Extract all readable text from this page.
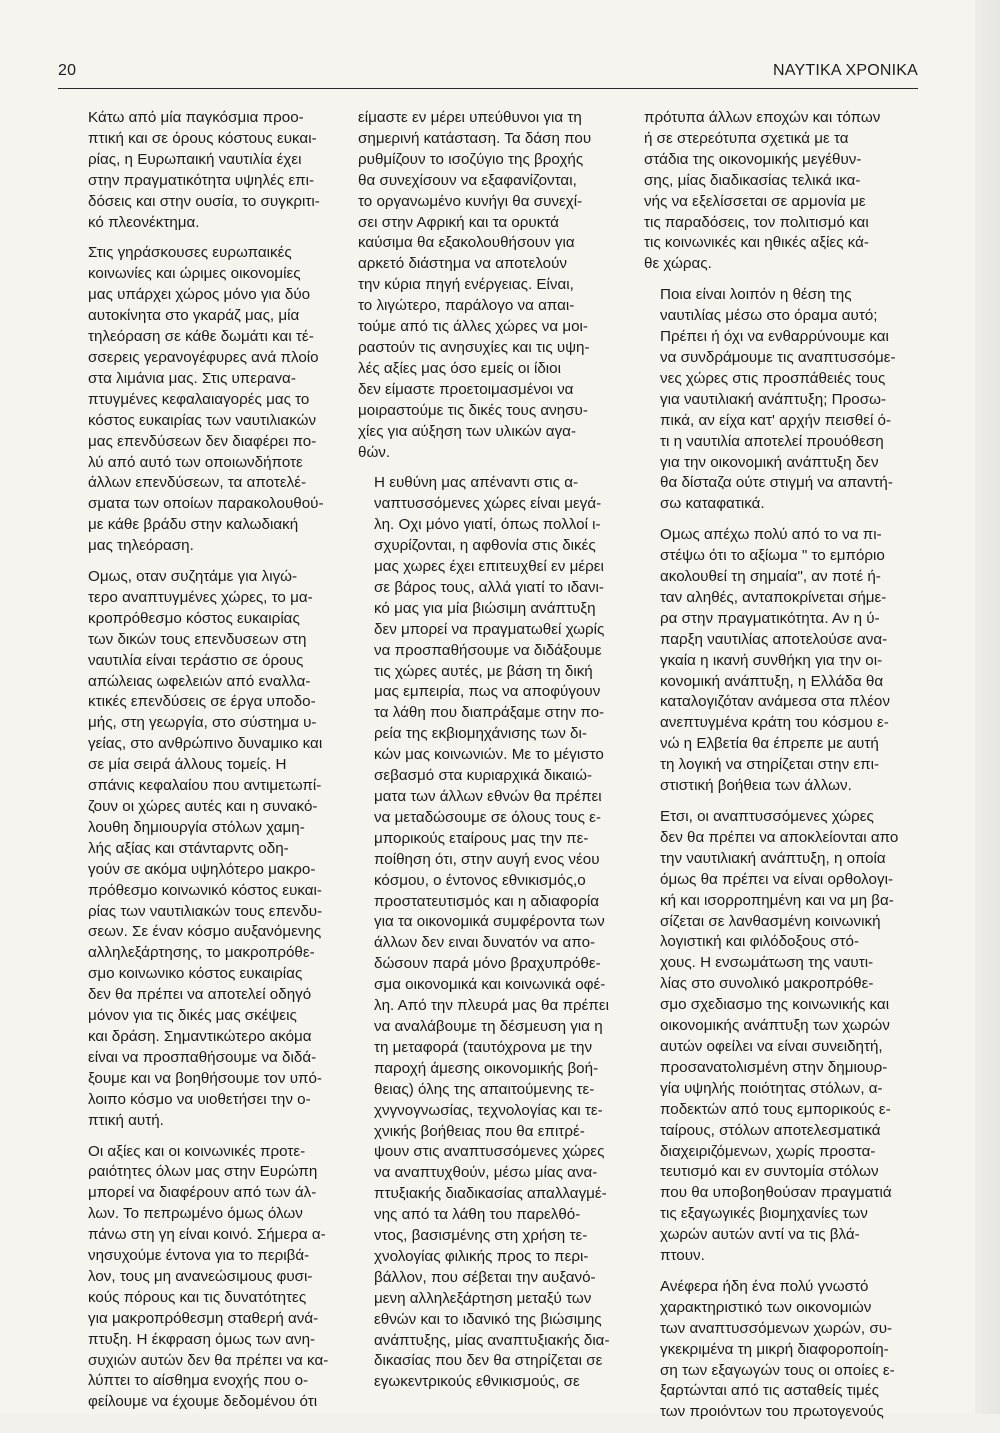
20	ΝΑΥΤΙΚΑ ΧΡΟΝΙΚΑ

Κάτω από μία παγκόσμια προο-
πτική και σε όρους κόστους ευκαι-
ρίας, η Ευρωπαική ναυτιλία έχει
στην πραγματικότητα υψηλές επι-
δόσεις και στην ουσία, το συγκριτι-
κό πλεονέκτημα.

Στις γηράσκουσες ευρωπαικές
κοινωνίες και ώριμες οικονομίες
μας υπάρχει χώρος μόνο για δύο
αυτοκίνητα στο γκαράζ μας, μία
τηλεόραση σε κάθε δωμάτι και τέ-
σσερεις γερανογέφυρες ανά πλοίο
στα λιμάνια μας. Στις υπεραvα-
πτυγμένες κεφαλαιαγορές μας το
κόστος ευκαιρίας των ναυτιλιακών
μας επενδύσεων δεν διαφέρει πο-
λύ από αυτό των οποιωνδήποτε
άλλων επενδύσεων, τα αποτελέ-
σματα των οποίων παρακολουθού-
με κάθε βράδυ στην καλωδιακή
μας τηλεόραση.

Ομως, οταν συζητάμε για λιγώ-
τερο αναπτυγμένες χώρες, το μα-
κροπρόθεσμο κόστος ευκαιρίας
των δικών τους επενδυσεων στη
ναυτιλία είναι τεράστιο σε όρους
απώλειας ωφελειών από εναλλα-
κτικές επενδύσεις σε έργα υποδο-
μής, στη γεωργία, στο σύστημα υ-
γείας, στο ανθρώπινο δυναμικο και
σε μία σειρά άλλους τομείς. Η
σπάνις κεφαλαίου που αντιμετωπί-
ζουν οι χώρες αυτές και η συνακό-
λουθη δημιουργία στόλων χαμη-
λής αξίας και στάνταρντς οδη-
γούν σε ακόμα υψηλότερο μακρο-
πρόθεσμο κοινωνικό κόστος ευκαι-
ρίας των ναυτιλιακών τους επενδυ-
σεων. Σε έναν κόσμο αυξανόμενης
αλληλεξάρτησης, το μακροπρόθε-
σμο κοινωνικο κόστος ευκαιρίας
δεν θα πρέπει να αποτελεί οδηγό
μόνον για τις δικές μας σκέψεις
και δράση. Σημαντικώτερο ακόμα
είναι να προσπαθήσουμε να διδά-
ξουμε και να βοηθήσουμε τον υπό-
λοιπο κόσμο να υιοθετήσει την ο-
πτική αυτή.

Οι αξίες και οι κοινωνικές προτε-
ραιότητες όλων μας στην Ευρώπη
μπορεί να διαφέρουν από των άλ-
λων. Το πεπρωμένο όμως όλων
πάνω στη γη είναι κοινό. Σήμερα α-
νησυχούμε έντονα για το περιβά-
λον, τους μη ανανεώσιμους φυσι-
κούς πόρους και τις δυνατότητες
για μακροπρόθεσμη σταθερή ανά-
πτυξη. Η έκφραση όμως των ανη-
συχιών αυτών δεν θα πρέπει να κα-
λύπτει το αίσθημα ενοχής που ο-
φείλουμε να έχουμε δεδομένου ότι

είμαστε εν μέρει υπεύθυνοι για τη
σημερινή κατάσταση. Τα δάση που
ρυθμίζουν το ισοζύγιο της βροχής
θα συνεχίσουν να εξαφανίζονται,
το οργανωμένο κυνήγι θα συνεχί-
σει στην Αφρική και τα ορυκτά
καύσιμα θα εξακολουθήσουν για
αρκετό διάστημα να αποτελούν
την κύρια πηγή ενέργειας. Είναι,
το λιγώτερο, παράλογο να απαι-
τούμε από τις άλλες χώρες να μοι-
ραστούν τις ανησυχίες και τις υψη-
λές αξίες μας όσο εμείς οι ίδιοι
δεν είμαστε προετοιμασμένοι να
μοιραστούμε τις δικές τους ανησυ-
χίες για αύξηση των υλικών αγα-
θών.

Η ευθύνη μας απέναντι στις α-
ναπτυσσόμενες χώρες είναι μεγά-
λη. Οχι μόνο γιατί, όπως πολλοί ι-
σχυρίζονται, η αφθονία στις δικές
μας χωρες έχει επιτευχθεί εν μέρει
σε βάρος τους, αλλά γιατί το ιδανι-
κό μας για μία βιώσιμη ανάπτυξη
δεν μπορεί να πραγματωθεί χωρίς
να προσπαθήσουμε να διδάξουμε
τις χώρες αυτές, με βάση τη δική
μας εμπειρία, πως να αποφύγουν
τα λάθη που διαπράξαμε στην πο-
ρεία της εκβιομηχάνισης των δι-
κών μας κοινωνιών. Με το μέγιστο
σεβασμό στα κυριαρχικά δικαιώ-
ματα των άλλων εθνών θα πρέπει
να μεταδώσουμε σε όλους τους ε-
μπορικούς εταίρους μας την πε-
ποίθηση ότι, στην αυγή ενος νέου
κόσμου, ο έντονος εθνικισμός,ο
προστατευτισμός και η αδιαφορία
για τα οικονομικά συμφέροντα των
άλλων δεν ειναι δυνατόν να απο-
δώσουν παρά μόνο βραχυπρόθε-
σμα οικονομικά και κοινωνικά οφέ-
λη. Από την πλευρά μας θα πρέπει
να αναλάβουμε τη δέσμευση για η
τη μεταφορά (ταυτόχρονα με την
παροχή άμεσης οικονομικής βοή-
θειας) όλης της απαιτούμενης τε-
χνγνογνωσίας, τεχνολογίας και τε-
χνικής βοήθειας που θα επιτρέ-
ψουν στις αναπτυσσόμενες χώρες
να αναπτυχθούν, μέσω μίας ανα-
πτυξιακής διαδικασίας απαλλαγμέ-
νης από τα λάθη του παρελθό-
ντος, βασισμένης στη χρήση τε-
χνολογίας φιλικής προς το περι-
βάλλον, που σέβεται την αυξανό-
μενη αλληλεξάρτηση μεταξύ των
εθνών και το ιδανικό της βιώσιμης
ανάπτυξης, μίας αναπτυξιακής δια-
δικασίας που δεν θα στηρίζεται σε
εγωκεντρικούς εθνικισμούς, σε

πρότυπα άλλων εποχών και τόπων
ή σε στερεότυπα σχετικά με τα
στάδια της οικονομικής μεγέθυν-
σης, μίας διαδικασίας τελικά ικα-
νής να εξελίσσεται σε αρμονία με
τις παραδόσεις, τον πολιτισμό και
τις κοινωνικές και ηθικές αξίες κά-
θε χώρας.

Ποια είναι λοιπόν η θέση της
ναυτιλίας μέσω στο όραμα αυτό;
Πρέπει ή όχι να ενθαρρύνουμε και
να συνδράμουμε τις αναπτυσσόμε-
νες χώρες στις προσπάθειές τους
για ναυτιλιακή ανάπτυξη; Προσω-
πικά, αν είχα κατ' αρχήν πεισθεί ό-
τι η ναυτιλία αποτελεί προυόθεση
για την οικονομική ανάπτυξη δεν
θα δίσταζα ούτε στιγμή να απαντή-
σω καταφατικά.

Ομως απέχω πολύ από το να πι-
στέψω ότι το αξίωμα " το εμπόριο
ακολουθεί τη σημαία", αν ποτέ ή-
ταν αληθές, ανταποκρίνεται σήμε-
ρα στην πραγματικότητα. Αν η ύ-
παρξη ναυτιλίας αποτελούσε ανα-
γκαία η ικανή συνθήκη για την οι-
κονομική ανάπτυξη, η Ελλάδα θα
καταλογιζόταν ανάμεσα στα πλέον
ανεπτυγμένα κράτη του κόσμου ε-
νώ η Ελβετία θα έπρεπε με αυτή
τη λογική να στηρίζεται στην επι-
στιστική βοήθεια των άλλων.

Ετσι, οι αναπτυσσόμενες χώρες
δεν θα πρέπει να αποκλείονται απο
την ναυτιλιακή ανάπτυξη, η οποία
όμως θα πρέπει να είναι ορθολογι-
κή και ισορροπημένη και να μη βα-
σίζεται σε λανθασμένη κοινωνική
λογιστική και φιλόδοξους στό-
χους. Η ενσωμάτωση της ναυτι-
λίας στο συνολικό μακροπρόθε-
σμο σχεδιασμο της κοινωνικής και
οικονομικής ανάπτυξη των χωρών
αυτών οφείλει να είναι συνειδητή,
προσανατολισμένη στην δημιουρ-
γία υψηλής ποιότητας στόλων, α-
ποδεκτών από τους εμπορικούς ε-
ταίρους, στόλων αποτελεσματικά
διαχειριζόμενων, χωρίς προστα-
τευτισμό και εν συντομία στόλων
που θα υποβοηθούσαν πραγματιά
τις εξαγωγικές βιομηχανίες των
χωρών αυτών αντί να τις βλά-
πτουν.

Ανέφερα ήδη ένα πολύ γνωστό
χαρακτηριστικό των οικονομιών
των αναπτυσσόμενων χωρών, συ-
γκεκριμένα τη μικρή διαφοροποίη-
ση των εξαγωγών τους οι οποίες ε-
ξαρτώνται από τις ασταθείς τιμές
των προιόντων του πρωτογενούς
